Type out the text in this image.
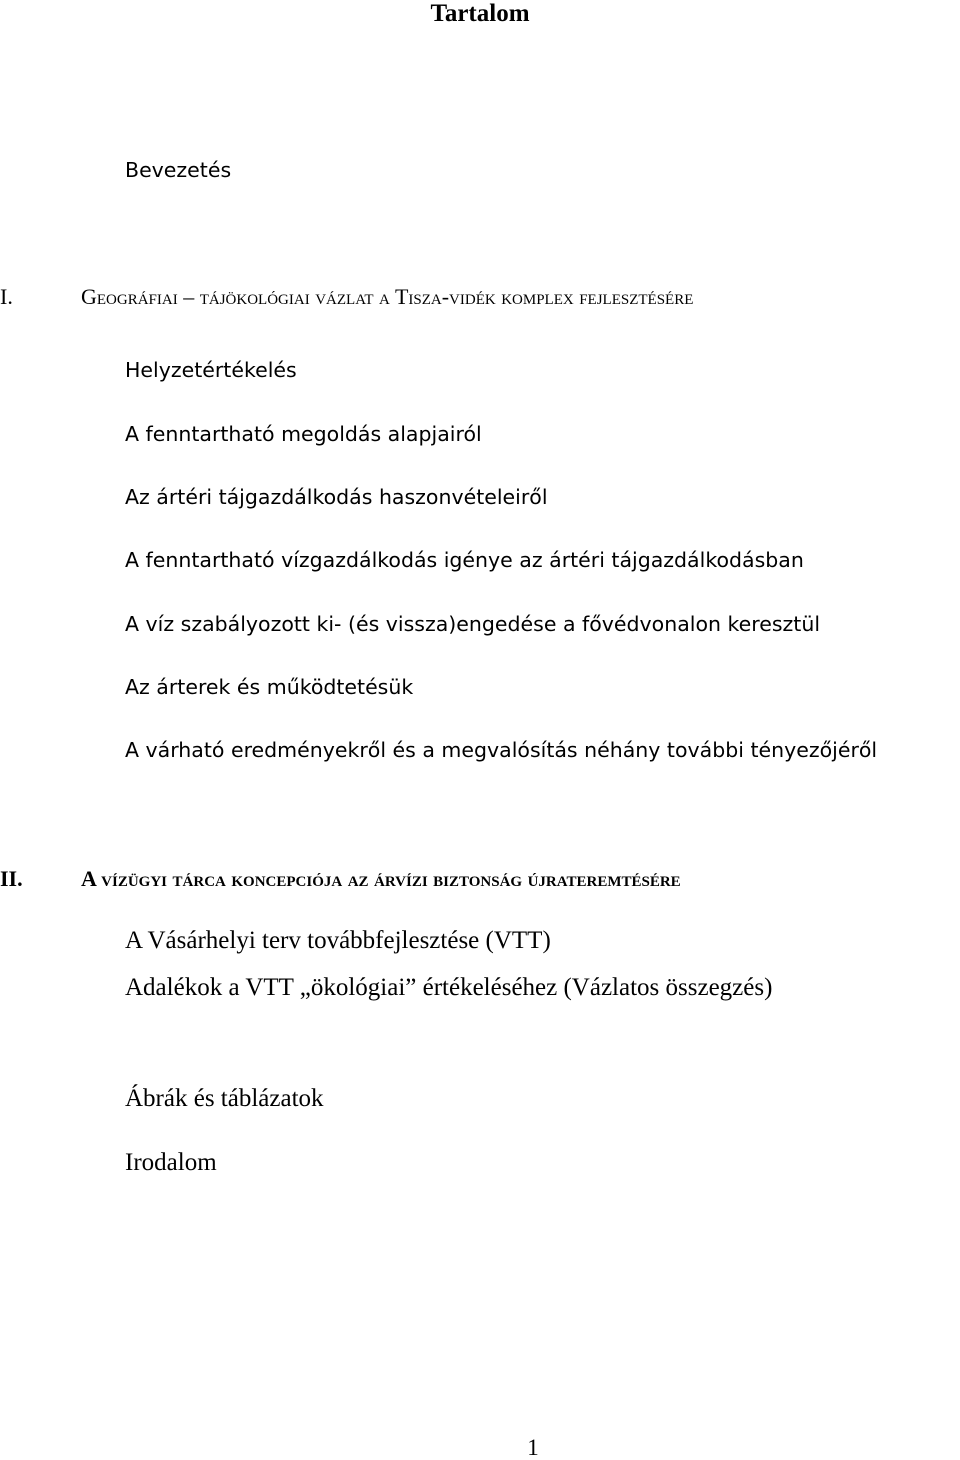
Tartalom
Bevezetés
I.	Geográfiai – tájökológiai vázlat a Tisza-vidék komplex fejlesztésére
Helyzetértékelés
A fenntartható megoldás alapjairól
Az ártéri tájgazdálkodás haszonvételeiről
A fenntartható vízgazdálkodás igénye az ártéri tájgazdálkodásban
A víz szabályozott ki- (és vissza)engedése a fővédvonalon keresztül
Az árterek és működtetésük
A várható eredményekről és a megvalósítás néhány további tényezőjéről
II.	A vízügyi tárca koncepciója az árvízi biztonság újrateremtésére
A Vásárhelyi terv továbbfejlesztése (VTT)
Adalékok a VTT „ökológiai” értékeléséhez (Vázlatos összegzés)
Ábrák és táblázatok
Irodalom
1
